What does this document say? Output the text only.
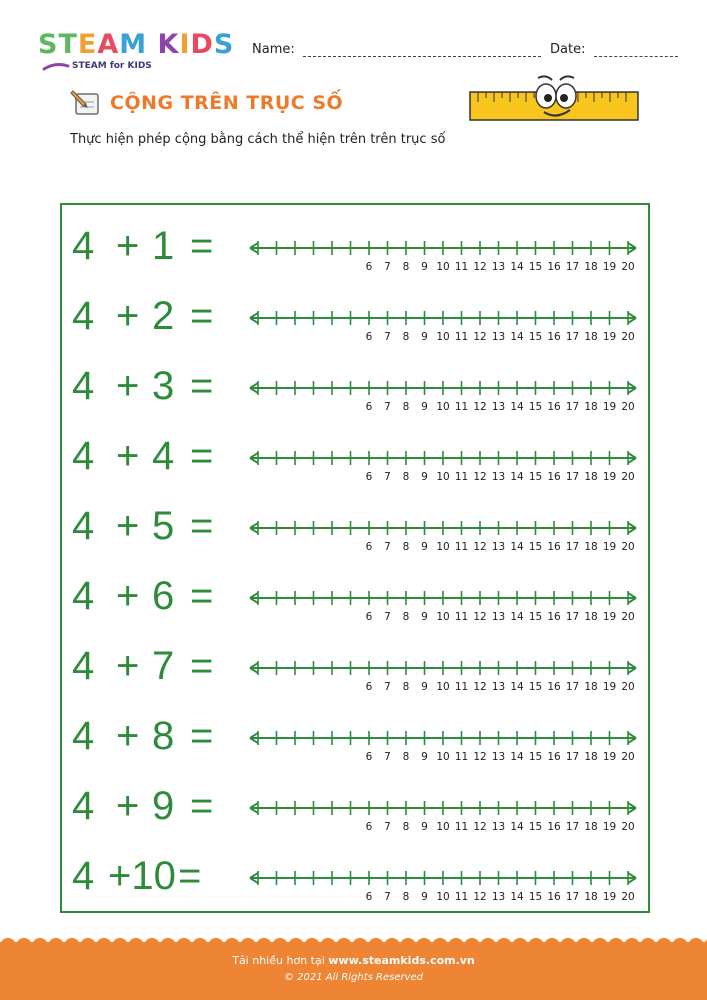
STEAM KIDS
STEAM for KIDS
Name:	Date:
CỘNG TRÊN TRỤC SỐ
Thực hiện phép cộng bằng cách thể hiện trên trên trục số
4 + 1 =	6 7 8 9 10 11 12 13 14 15 16 17 18 19 20
4 + 2 =	6 7 8 9 10 11 12 13 14 15 16 17 18 19 20
4 + 3 =	6 7 8 9 10 11 12 13 14 15 16 17 18 19 20
4 + 4 =	6 7 8 9 10 11 12 13 14 15 16 17 18 19 20
4 + 5 =	6 7 8 9 10 11 12 13 14 15 16 17 18 19 20
4 + 6 =	6 7 8 9 10 11 12 13 14 15 16 17 18 19 20
4 + 7 =	6 7 8 9 10 11 12 13 14 15 16 17 18 19 20
4 + 8 =	6 7 8 9 10 11 12 13 14 15 16 17 18 19 20
4 + 9 =	6 7 8 9 10 11 12 13 14 15 16 17 18 19 20
4 +10 =	6 7 8 9 10 11 12 13 14 15 16 17 18 19 20
Tải nhiều hơn tại www.steamkids.com.vn
© 2021 All Rights Reserved
